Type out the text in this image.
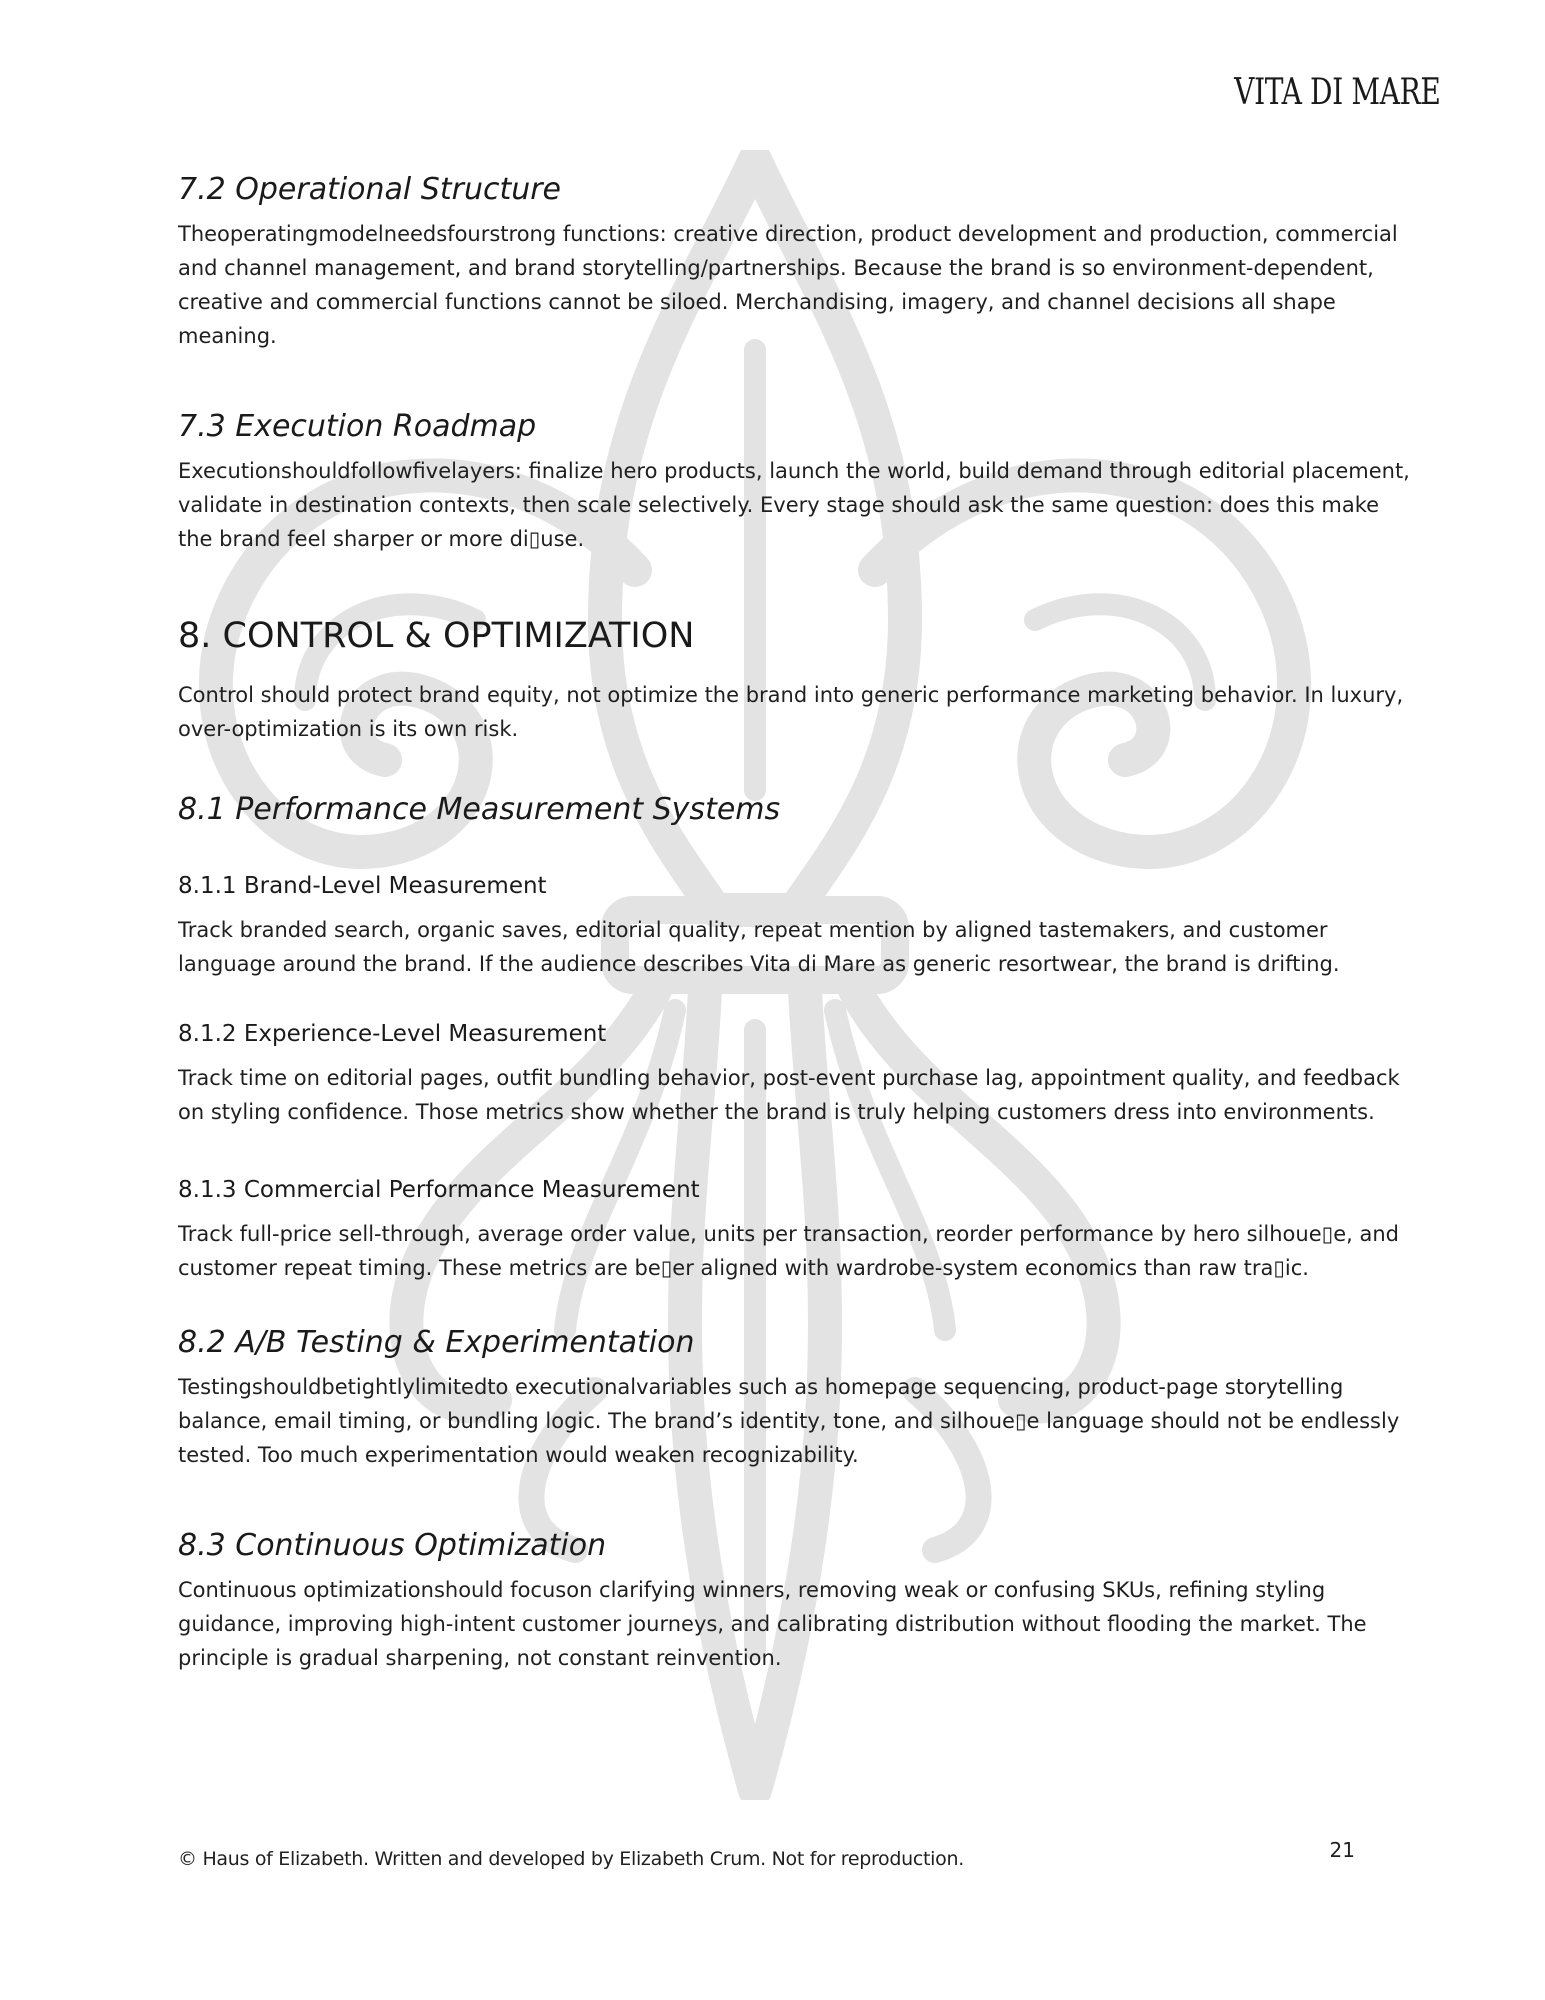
VITA DI MARE
7.2 Operational Structure

Theoperatingmodelneedsfourstrong functions: creative direction, product development and production, commercial and channel management, and brand storytelling/partnerships. Because the brand is so environment-dependent, creative and commercial functions cannot be siloed. Merchandising, imagery, and channel decisions all shape meaning.

7.3 Execution Roadmap

Executionshouldfollowfivelayers: finalize hero products, launch the world, build demand through editorial placement, validate in destination contexts, then scale selectively. Every stage should ask the same question: does this make the brand feel sharper or more di▯use.

8. CONTROL & OPTIMIZATION

Control should protect brand equity, not optimize the brand into generic performance marketing behavior. In luxury, over-optimization is its own risk.

8.1 Performance Measurement Systems
8.1.1 Brand-Level Measurement

Track branded search, organic saves, editorial quality, repeat mention by aligned tastemakers, and customer language around the brand. If the audience describes Vita di Mare as generic resortwear, the brand is drifting.

8.1.2 Experience-Level Measurement

Track time on editorial pages, outfit bundling behavior, post-event purchase lag, appointment quality, and feedback on styling confidence. Those metrics show whether the brand is truly helping customers dress into environments.

8.1.3 Commercial Performance Measurement

Track full-price sell-through, average order value, units per transaction, reorder performance by hero silhoue▯e, and customer repeat timing. These metrics are be▯er aligned with wardrobe-system economics than raw tra▯ic.

8.2 A/B Testing & Experimentation

Testingshouldbetightlylimitedto executionalvariables such as homepage sequencing, product-page storytelling balance, email timing, or bundling logic. The brand’s identity, tone, and silhoue▯e language should not be endlessly tested. Too much experimentation would weaken recognizability.

8.3 Continuous Optimization

Continuous optimizationshould focuson clarifying winners, removing weak or confusing SKUs, refining styling guidance, improving high-intent customer journeys, and calibrating distribution without flooding the market. The principle is gradual sharpening, not constant reinvention.

© Haus of Elizabeth. Written and developed by Elizabeth Crum. Not for reproduction.	21
